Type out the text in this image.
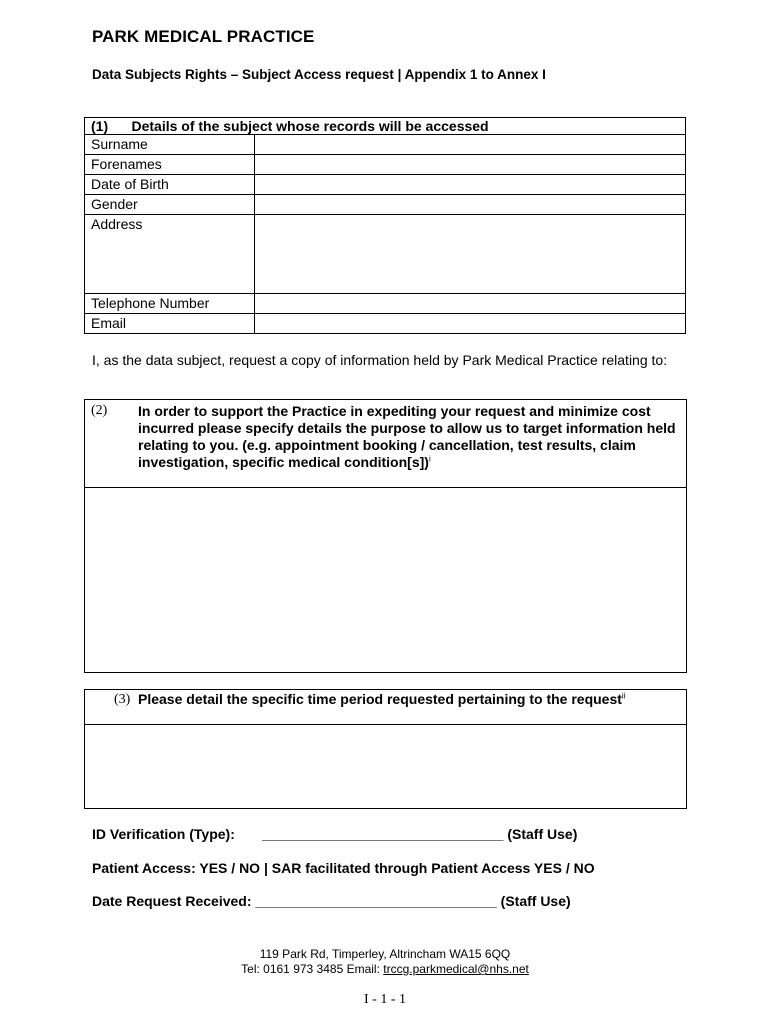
PARK MEDICAL PRACTICE
Data Subjects Rights – Subject Access request | Appendix 1 to Annex I
(1) Details of the subject whose records will be accessed	
Surname	
Forenames	
Date of Birth	
Gender	
Address	
Telephone Number	
Email	
I, as the data subject, request a copy of information held by Park Medical Practice relating to:
(2) In order to support the Practice in expediting your request and minimize cost incurred please specify details the purpose to allow us to target information held relating to you. (e.g. appointment booking / cancellation, test results, claim investigation, specific medical condition[s])$^i$
(3) Please detail the specific time period requested pertaining to the request$^{ii}$
ID Verification (Type):       _______________________________ (Staff Use)
Patient Access: YES / NO | SAR facilitated through Patient Access YES / NO
Date Request Received: _______________________________ (Staff Use)
119 Park Rd, Timperley, Altrincham WA15 6QQ
Tel: 0161 973 3485 Email: trccg.parkmedical@nhs.net
I - 1 - 1
